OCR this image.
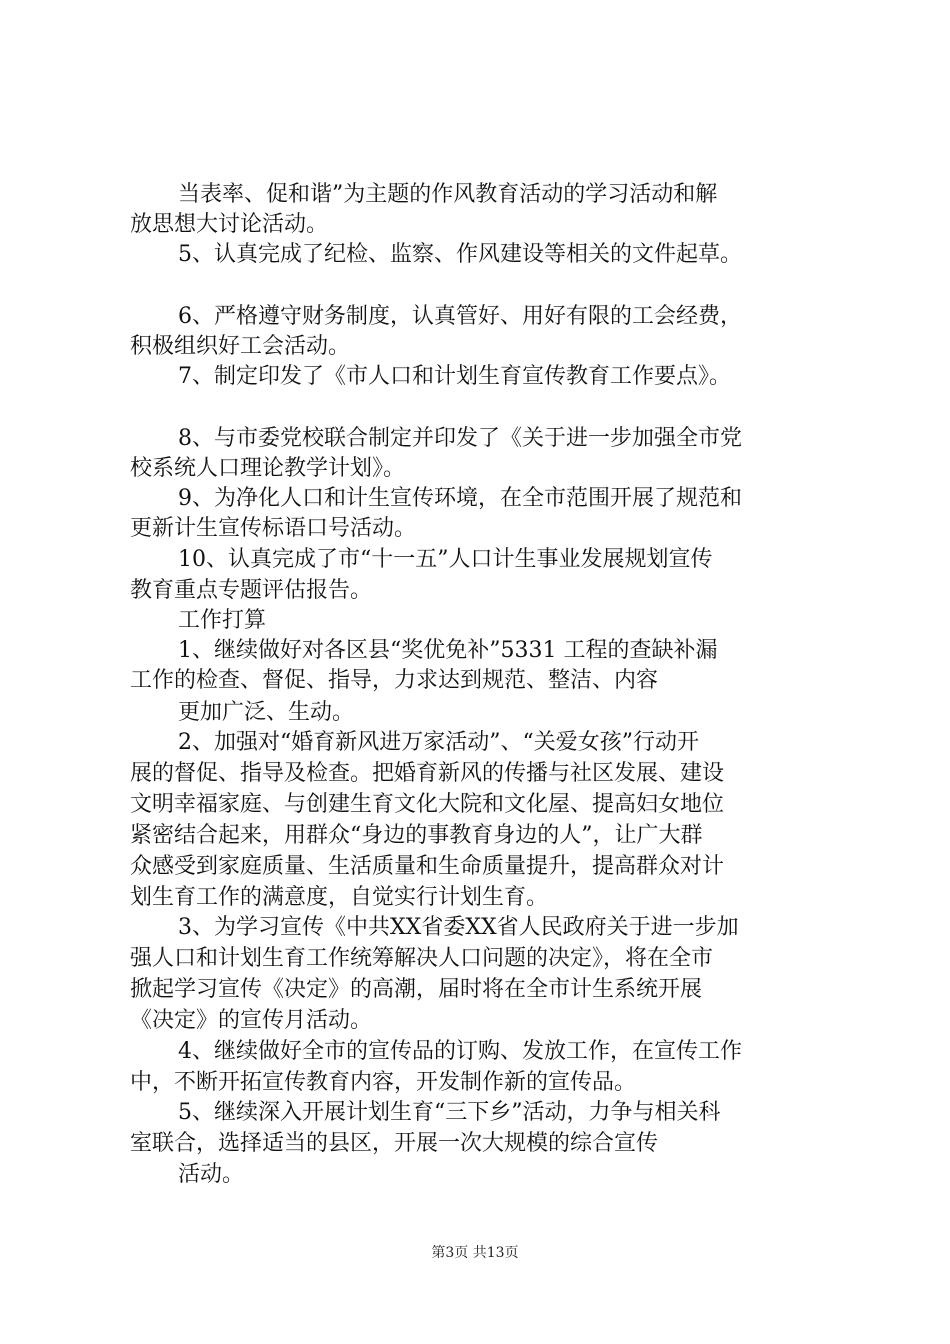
当表率、促和谐”为主题的作风教育活动的学习活动和解
放思想大讨论活动。
5、认真完成了纪检、监察、作风建设等相关的文件起草。
6、严格遵守财务制度，认真管好、用好有限的工会经费，
积极组织好工会活动。
7、制定印发了《市人口和计划生育宣传教育工作要点》。
8、与市委党校联合制定并印发了《关于进一步加强全市党
校系统人口理论教学计划》。
9、为净化人口和计生宣传环境，在全市范围开展了规范和
更新计生宣传标语口号活动。
10、认真完成了市“十一五”人口计生事业发展规划宣传
教育重点专题评估报告。
工作打算
1、继续做好对各区县“奖优免补”5331 工程的查缺补漏
工作的检查、督促、指导，力求达到规范、整洁、内容
更加广泛、生动。
2、加强对“婚育新风进万家活动”、“关爱女孩”行动开
展的督促、指导及检查。把婚育新风的传播与社区发展、建设
文明幸福家庭、与创建生育文化大院和文化屋、提高妇女地位
紧密结合起来，用群众“身边的事教育身边的人”，让广大群
众感受到家庭质量、生活质量和生命质量提升，提高群众对计
划生育工作的满意度，自觉实行计划生育。
3、为学习宣传《中共XX省委XX省人民政府关于进一步加
强人口和计划生育工作统筹解决人口问题的决定》，将在全市
掀起学习宣传《决定》的高潮，届时将在全市计生系统开展
《决定》的宣传月活动。
4、继续做好全市的宣传品的订购、发放工作，在宣传工作
中，不断开拓宣传教育内容，开发制作新的宣传品。
5、继续深入开展计划生育“三下乡”活动，力争与相关科
室联合，选择适当的县区，开展一次大规模的综合宣传
活动。
第3页 共13页
